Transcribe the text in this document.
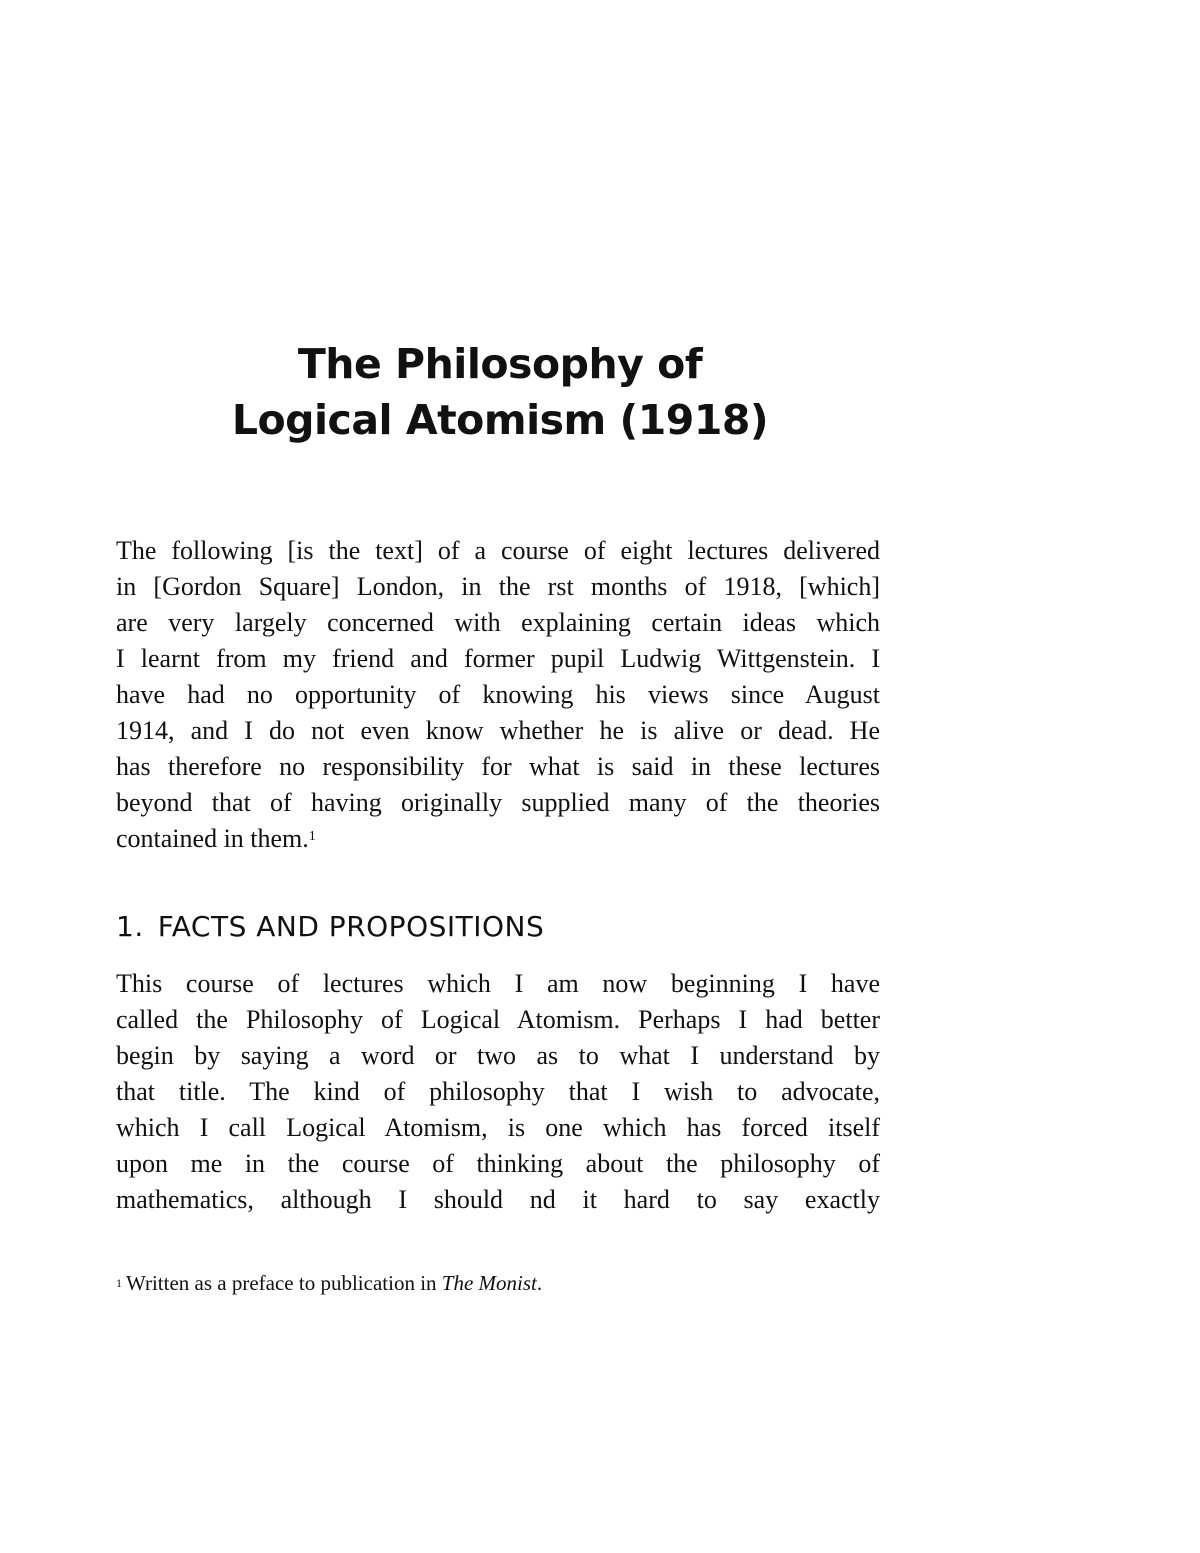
The Philosophy of
Logical Atomism (1918)
The following [is the text] of a course of eight lectures delivered
in [Gordon Square] London, in the rst months of 1918, [which]
are very largely concerned with explaining certain ideas which
I learnt from my friend and former pupil Ludwig Wittgenstein. I
have had no opportunity of knowing his views since August
1914, and I do not even know whether he is alive or dead. He
has therefore no responsibility for what is said in these lectures
beyond that of having originally supplied many of the theories
contained in them.$^1$
1. FACTS AND PROPOSITIONS
This course of lectures which I am now beginning I have
called the Philosophy of Logical Atomism. Perhaps I had better
begin by saying a word or two as to what I understand by
that title. The kind of philosophy that I wish to advocate,
which I call Logical Atomism, is one which has forced itself
upon me in the course of thinking about the philosophy of
mathematics, although I should nd it hard to say exactly

$^1$ Written as a preface to publication in The Monist.
